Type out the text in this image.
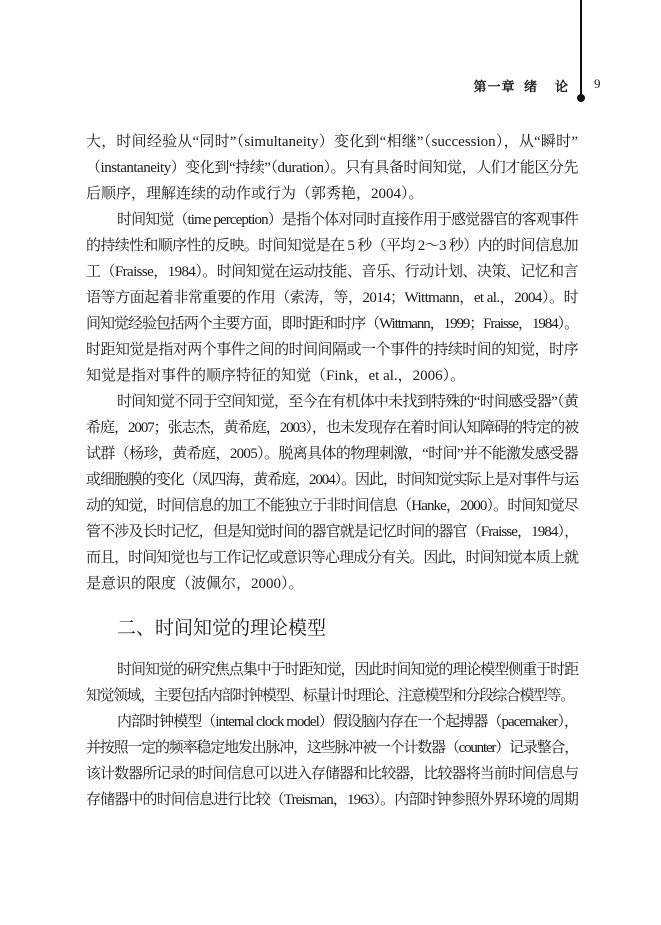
第一章  绪    论 9
大，时间经验从“同时”（simultaneity）变化到“相继”（succession），从“瞬时”
（instantaneity）变化到“持续”（duration）。只有具备时间知觉，人们才能区分先
后顺序，理解连续的动作或行为（郭秀艳，2004）。
时间知觉（time perception）是指个体对同时直接作用于感觉器官的客观事件
的持续性和顺序性的反映。时间知觉是在 5 秒（平均 2～3 秒）内的时间信息加
工（Fraisse，1984）。时间知觉在运动技能、音乐、行动计划、决策、记忆和言
语等方面起着非常重要的作用（索涛，等，2014；Wittmann，et al.，2004）。时
间知觉经验包括两个主要方面，即时距和时序（Wittmann，1999；Fraisse，1984）。
时距知觉是指对两个事件之间的时间间隔或一个事件的持续时间的知觉，时序
知觉是指对事件的顺序特征的知觉（Fink，et al.，2006）。
时间知觉不同于空间知觉，至今在有机体中未找到特殊的“时间感受器”（黄
希庭，2007；张志杰，黄希庭，2003），也未发现存在着时间认知障碍的特定的被
试群（杨珍，黄希庭，2005）。脱离具体的物理刺激，“时间”并不能激发感受器
或细胞膜的变化（凤四海，黄希庭，2004）。因此，时间知觉实际上是对事件与运
动的知觉，时间信息的加工不能独立于非时间信息（Hanke，2000）。时间知觉尽
管不涉及长时记忆，但是知觉时间的器官就是记忆时间的器官（Fraisse，1984），
而且，时间知觉也与工作记忆或意识等心理成分有关。因此，时间知觉本质上就
是意识的限度（波佩尔，2000）。
二、时间知觉的理论模型
时间知觉的研究焦点集中于时距知觉，因此时间知觉的理论模型侧重于时距
知觉领域，主要包括内部时钟模型、标量计时理论、注意模型和分段综合模型等。
内部时钟模型（internal clock model）假设脑内存在一个起搏器（pacemaker），
并按照一定的频率稳定地发出脉冲，这些脉冲被一个计数器（counter）记录整合，
该计数器所记录的时间信息可以进入存储器和比较器，比较器将当前时间信息与
存储器中的时间信息进行比较（Treisman，1963）。内部时钟参照外界环境的周期
